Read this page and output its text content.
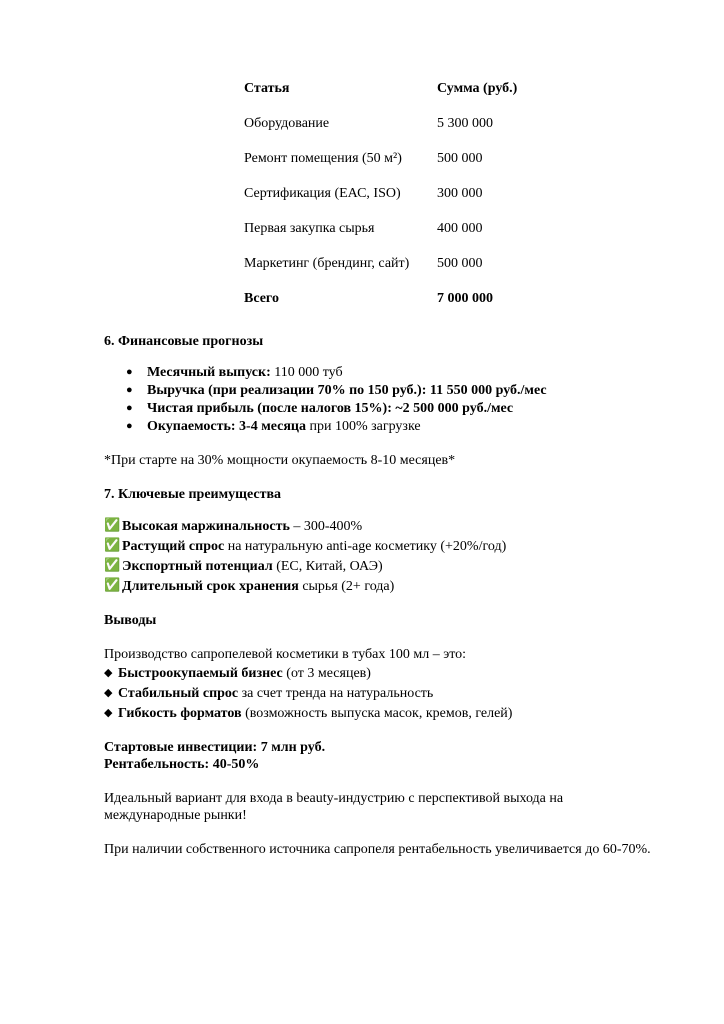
Статья	Сумма (руб.)
Оборудование	5 300 000
Ремонт помещения (50 м²)	500 000
Сертификация (ЕАС, ISO)	300 000
Первая закупка сырья	400 000
Маркетинг (брендинг, сайт) 500 000
Всего	7 000 000
6. Финансовые прогнозы
● Месячный выпуск: 110 000 туб
● Выручка (при реализации 70% по 150 руб.): 11 550 000 руб./мес
● Чистая прибыль (после налогов 15%): ~2 500 000 руб./мес
● Окупаемость: 3-4 месяца при 100% загрузке
*При старте на 30% мощности окупаемость 8-10 месяцев*
7. Ключевые преимущества
✅ Высокая маржинальность – 300-400%
✅ Растущий спрос на натуральную anti-age косметику (+20%/год)
✅ Экспортный потенциал (ЕС, Китай, ОАЭ)
✅ Длительный срок хранения сырья (2+ года)
Выводы
Производство сапропелевой косметики в тубах 100 мл – это:
◆ Быстроокупаемый бизнес (от 3 месяцев)
◆ Стабильный спрос за счет тренда на натуральность
◆ Гибкость форматов (возможность выпуска масок, кремов, гелей)
Стартовые инвестиции: 7 млн руб.
Рентабельность: 40-50%
Идеальный вариант для входа в beauty-индустрию с перспективой выхода на международные рынки!
При наличии собственного источника сапропеля рентабельность увеличивается до 60-70%.
